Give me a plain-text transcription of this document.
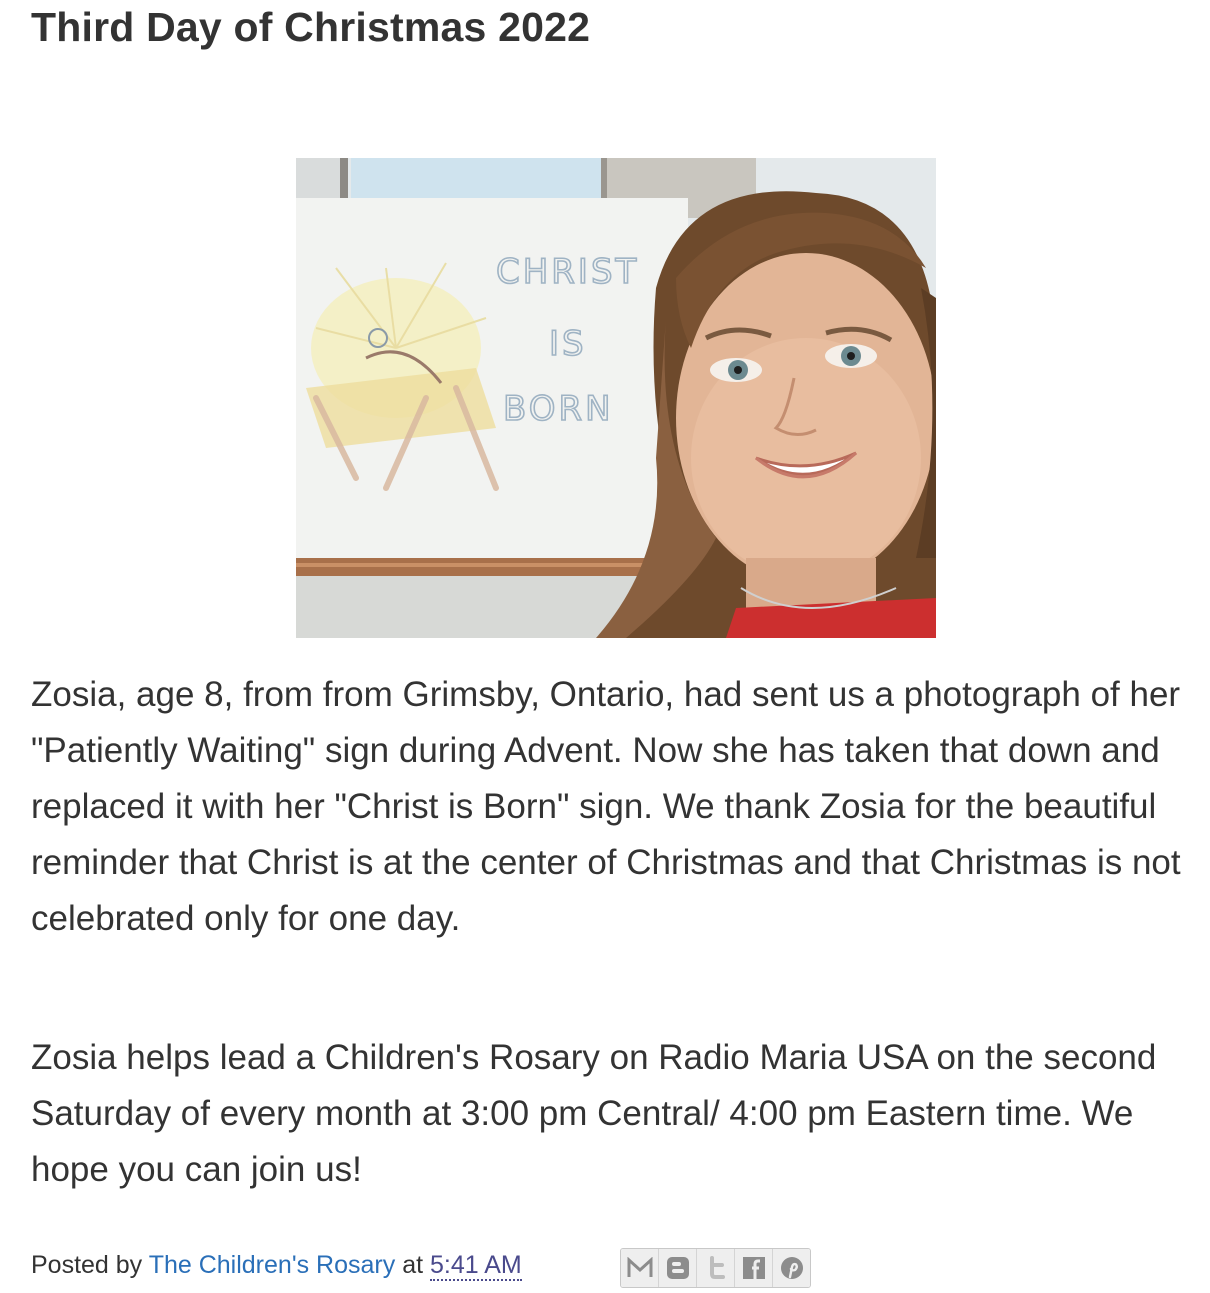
Third Day of Christmas 2022
CHRIST
IS
BORN

Zosia, age 8, from from Grimsby, Ontario, had sent us a photograph of her "Patiently Waiting" sign during Advent. Now she has taken that down and replaced it with her "Christ is Born" sign. We thank Zosia for the beautiful reminder that Christ is at the center of Christmas and that Christmas is not celebrated only for one day.

Zosia helps lead a Children's Rosary on Radio Maria USA on the second Saturday of every month at 3:00 pm Central/ 4:00 pm Eastern time. We hope you can join us!

Posted by The Children's Rosary at 5:41 AM
